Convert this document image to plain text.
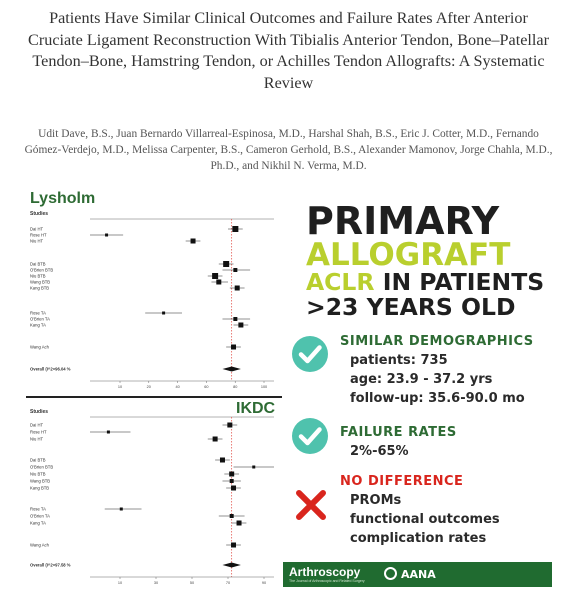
Patients Have Similar Clinical Outcomes and Failure Rates After Anterior Cruciate Ligament Reconstruction With Tibialis Anterior Tendon, Bone–Patellar Tendon–Bone, Hamstring Tendon, or Achilles Tendon Allografts: A Systematic Review
Udit Dave, B.S., Juan Bernardo Villarreal-Espinosa, M.D., Harshal Shah, B.S., Eric J. Cotter, M.D., Fernando Gómez-Verdejo, M.D., Melissa Carpenter, B.S., Cameron Gerhold, B.S., Alexander Mamonov, Jorge Chahla, M.D., Ph.D., and Nikhil N. Verma, M.D.
Lysholm
Studies
Dai HT
Rose HT
Niu HT
Dai BTB
O'Brien BTB
Niu BTB
Wang BTB
Kang BTB
Rose TA
O'Brien TA
Kang TA
Wang Ach
Overall (I^2=96.04 %
10	20	40	60	80	100
IKDC
Studies
Dai HT
Rose HT
Niu HT
Dai BTB
O'Brien BTB
Niu BTB
Wang BTB
Kang BTB
Rose TA
O'Brien TA
Kang TA
Wang Ach
Overall (I^2=97.58 %
10	30	50	70	90
PRIMARY
ALLOGRAFT
ACLR IN PATIENTS
>23 YEARS OLD
SIMILAR DEMOGRAPHICS
patients: 735
age: 23.9 - 37.2 yrs
follow-up: 35.6-90.0 mo
FAILURE RATES
2%-65%
NO DIFFERENCE
PROMs
functional outcomes
complication rates
Arthroscopy
The Journal of Arthroscopic and Related Surgery	AANA
